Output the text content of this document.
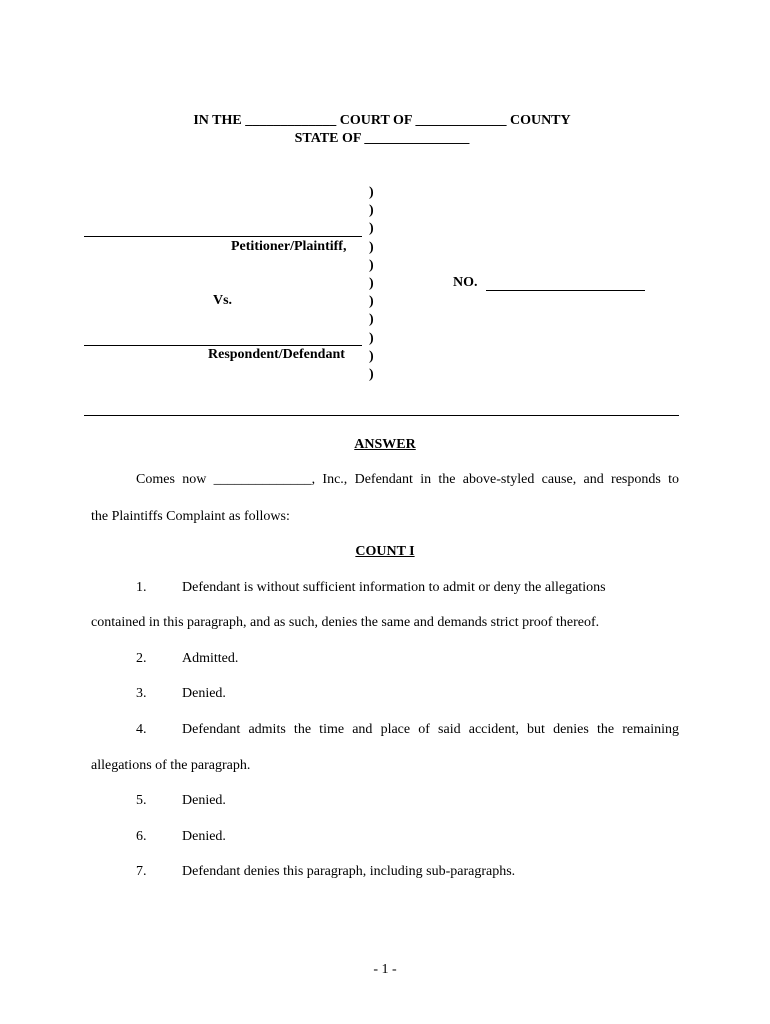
IN THE _____________ COURT OF _____________ COUNTY
STATE OF _______________
)
)
)
)
)
)
)
)
)
)
)
Petitioner/Plaintiff,
Vs.
Respondent/Defendant
NO.
ANSWER
Comes now ______________, Inc., Defendant in the above-styled cause, and responds to
the Plaintiffs Complaint as follows:
COUNT I
1.	Defendant is without sufficient information to admit or deny the allegations
contained in this paragraph, and as such, denies the same and demands strict proof thereof.
2.	Admitted.
3.	Denied.
4.	Defendant admits the time and place of said accident, but denies the remaining
allegations of the paragraph.
5.	Denied.
6.	Denied.
7.	Defendant denies this paragraph, including sub-paragraphs.
- 1 -
